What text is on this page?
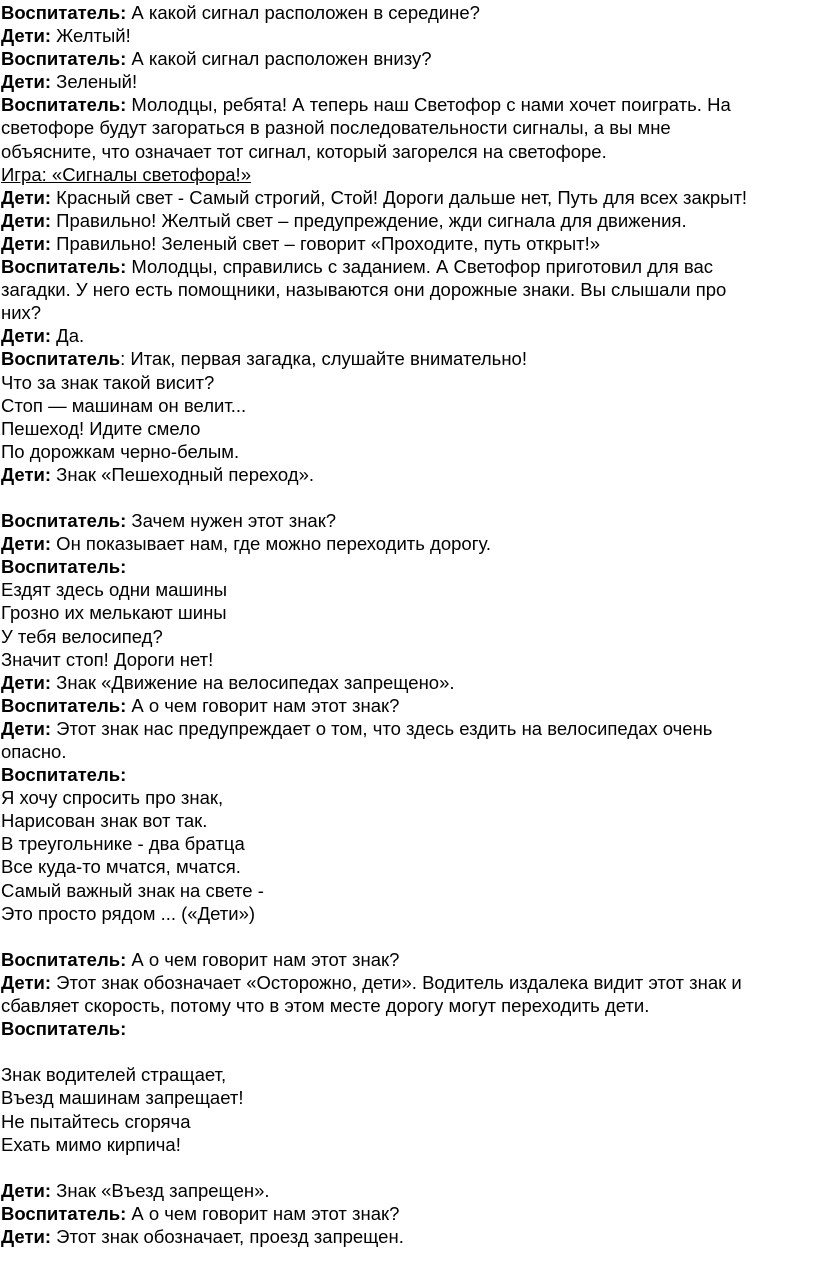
Воспитатель: А какой сигнал расположен в середине?
Дети: Желтый!
Воспитатель: А какой сигнал расположен внизу?
Дети: Зеленый!
Воспитатель: Молодцы, ребята! А теперь наш Светофор с нами хочет поиграть. На
светофоре будут загораться в разной последовательности сигналы, а вы мне
объясните, что означает тот сигнал, который загорелся на светофоре.
Игра: «Сигналы светофора!»
Дети: Красный свет - Самый строгий, Стой! Дороги дальше нет, Путь для всех закрыт!
Дети: Правильно! Желтый свет – предупреждение, жди сигнала для движения.
Дети: Правильно! Зеленый свет – говорит «Проходите, путь открыт!»
Воспитатель: Молодцы, справились с заданием. А Светофор приготовил для вас
загадки. У него есть помощники, называются они дорожные знаки. Вы слышали про
них?
Дети: Да.
Воспитатель: Итак, первая загадка, слушайте внимательно!
Что за знак такой висит?
Стоп — машинам он велит...
Пешеход! Идите смело
По дорожкам черно-белым.
Дети: Знак «Пешеходный переход».
Воспитатель: Зачем нужен этот знак?
Дети: Он показывает нам, где можно переходить дорогу.
Воспитатель:
Ездят здесь одни машины
Грозно их мелькают шины
У тебя велосипед?
Значит стоп! Дороги нет!
Дети: Знак «Движение на велосипедах запрещено».
Воспитатель: А о чем говорит нам этот знак?
Дети: Этот знак нас предупреждает о том, что здесь ездить на велосипедах очень
опасно.
Воспитатель:
Я хочу спросить про знак,
Нарисован знак вот так.
В треугольнике - два братца
Все куда-то мчатся, мчатся.
Самый важный знак на свете -
Это просто рядом ... («Дети»)
Воспитатель: А о чем говорит нам этот знак?
Дети: Этот знак обозначает «Осторожно, дети». Водитель издалека видит этот знак и
сбавляет скорость, потому что в этом месте дорогу могут переходить дети.
Воспитатель:
Знак водителей стращает,
Въезд машинам запрещает!
Не пытайтесь сгоряча
Ехать мимо кирпича!
Дети: Знак «Въезд запрещен».
Воспитатель: А о чем говорит нам этот знак?
Дети: Этот знак обозначает, проезд запрещен.
